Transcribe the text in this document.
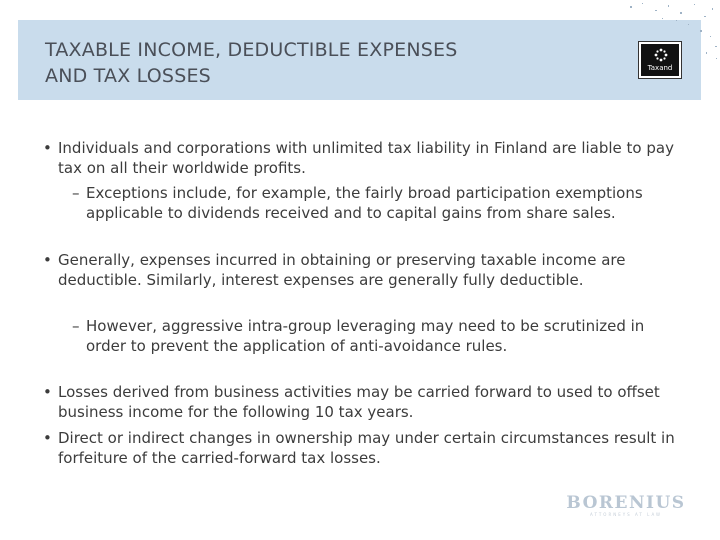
TAXABLE INCOME, DEDUCTIBLE EXPENSES
AND TAX LOSSES	Taxand
• Individuals and corporations with unlimited tax liability in Finland are liable to pay tax on all their worldwide profits.
– Exceptions include, for example, the fairly broad participation exemptions applicable to dividends received and to capital gains from share sales.
• Generally, expenses incurred in obtaining or preserving taxable income are deductible. Similarly, interest expenses are generally fully deductible.
– However, aggressive intra-group leveraging may need to be scrutinized in order to prevent the application of anti-avoidance rules.
• Losses derived from business activities may be carried forward to used to offset business income for the following 10 tax years.
• Direct or indirect changes in ownership may under certain circumstances result in forfeiture of the carried-forward tax losses.
BORENIUS
ATTORNEYS AT LAW
